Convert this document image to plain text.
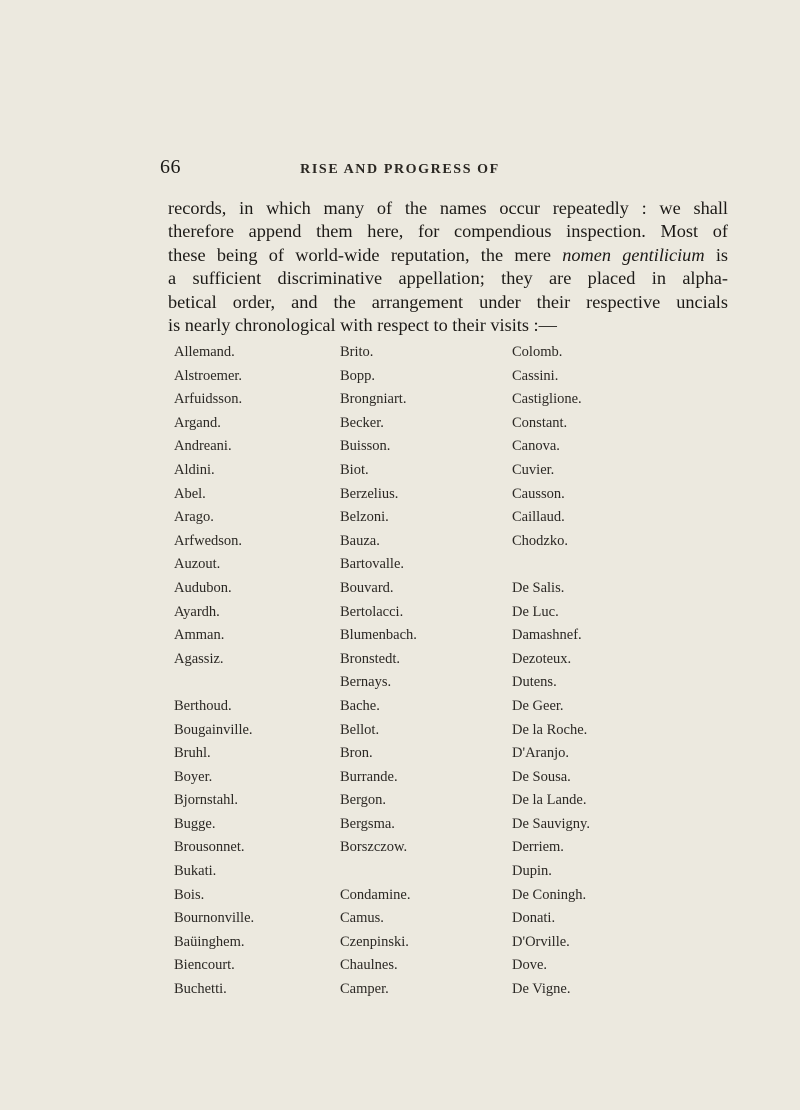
66	RISE AND PROGRESS OF
records, in which many of the names occur repeatedly : we shall
therefore append them here, for compendious inspection. Most of
these being of world-wide reputation, the mere nomen gentilicium is
a sufficient discriminative appellation; they are placed in alpha-
betical order, and the arrangement under their respective uncials
is nearly chronological with respect to their visits :—
Allemand.
Alstroemer.
Arfuidsson.
Argand.
Andreani.
Aldini.
Abel.
Arago.
Arfwedson.
Auzout.
Audubon.
Ayardh.
Amman.
Agassiz.
Berthoud.
Bougainville.
Bruhl.
Boyer.
Bjornstahl.
Bugge.
Brousonnet.
Bukati.
Bois.
Bournonville.
Baüinghem.
Biencourt.
Buchetti.
Brito.
Bopp.
Brongniart.
Becker.
Buisson.
Biot.
Berzelius.
Belzoni.
Bauza.
Bartovalle.
Bouvard.
Bertolacci.
Blumenbach.
Bronstedt.
Bernays.
Bache.
Bellot.
Bron.
Burrande.
Bergon.
Bergsma.
Borszczow.
Condamine.
Camus.
Czenpinski.
Chaulnes.
Camper.
Colomb.
Cassini.
Castiglione.
Constant.
Canova.
Cuvier.
Causson.
Caillaud.
Chodzko.
De Salis.
De Luc.
Damashnef.
Dezoteux.
Dutens.
De Geer.
De la Roche.
D'Aranjo.
De Sousa.
De la Lande.
De Sauvigny.
Derriem.
Dupin.
De Coningh.
Donati.
D'Orville.
Dove.
De Vigne.
